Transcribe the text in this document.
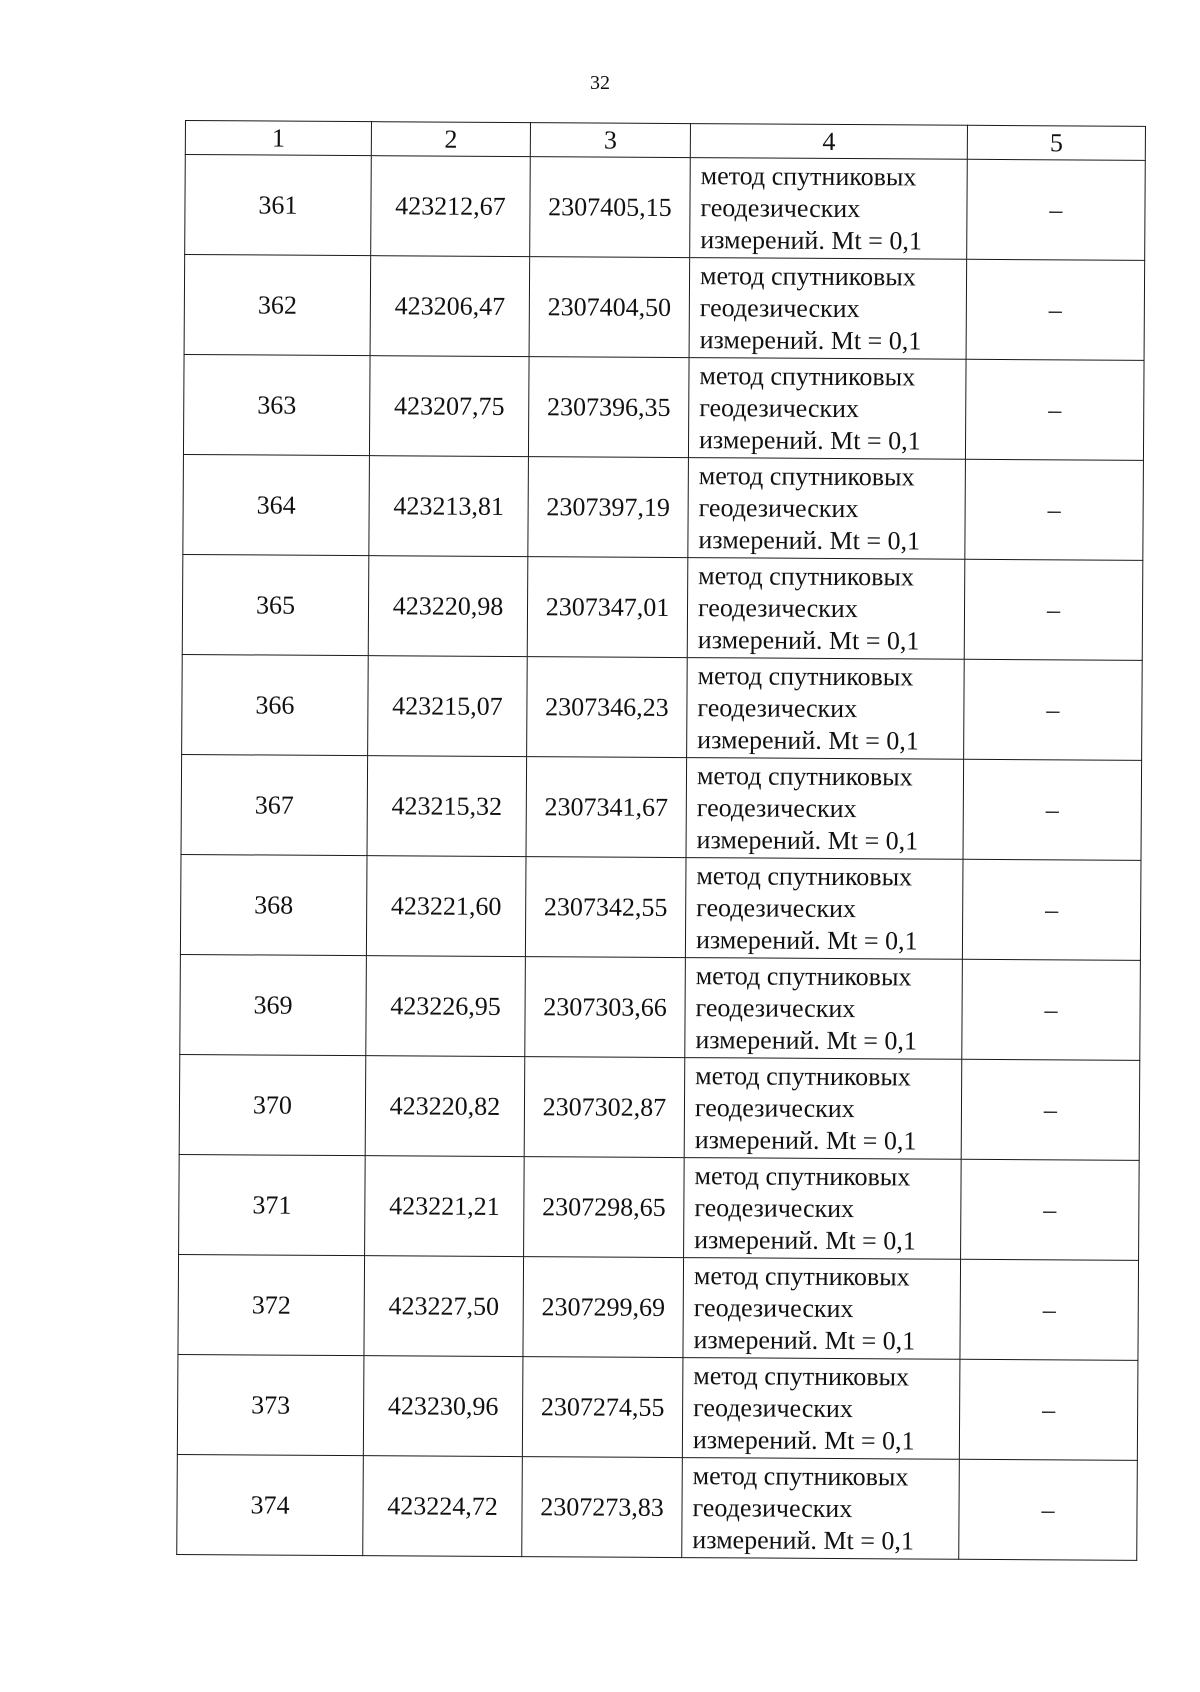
32
1	2	3	4	5
361	423212,67	2307405,15	метод спутниковых
геодезических
измерений. Mt = 0,1	–
362	423206,47	2307404,50	метод спутниковых
геодезических
измерений. Mt = 0,1	–
363	423207,75	2307396,35	метод спутниковых
геодезических
измерений. Mt = 0,1	–
364	423213,81	2307397,19	метод спутниковых
геодезических
измерений. Mt = 0,1	–
365	423220,98	2307347,01	метод спутниковых
геодезических
измерений. Mt = 0,1	–
366	423215,07	2307346,23	метод спутниковых
геодезических
измерений. Mt = 0,1	–
367	423215,32	2307341,67	метод спутниковых
геодезических
измерений. Mt = 0,1	–
368	423221,60	2307342,55	метод спутниковых
геодезических
измерений. Mt = 0,1	–
369	423226,95	2307303,66	метод спутниковых
геодезических
измерений. Mt = 0,1	–
370	423220,82	2307302,87	метод спутниковых
геодезических
измерений. Mt = 0,1	–
371	423221,21	2307298,65	метод спутниковых
геодезических
измерений. Mt = 0,1	–
372	423227,50	2307299,69	метод спутниковых
геодезических
измерений. Mt = 0,1	–
373	423230,96	2307274,55	метод спутниковых
геодезических
измерений. Mt = 0,1	–
374	423224,72	2307273,83	метод спутниковых
геодезических
измерений. Mt = 0,1	–
